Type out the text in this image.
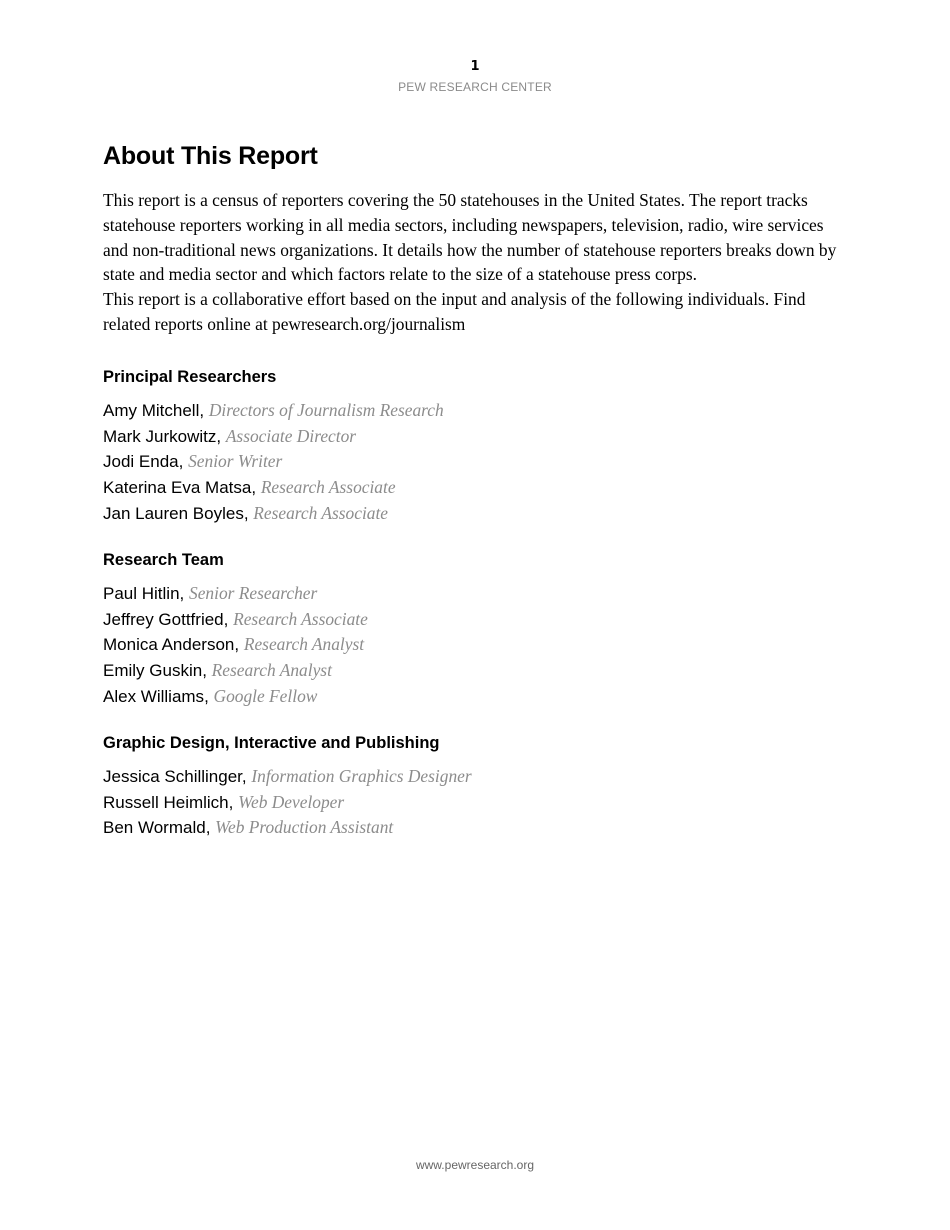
1
PEW RESEARCH CENTER
About This Report

This report is a census of reporters covering the 50 statehouses in the United States. The report tracks statehouse reporters working in all media sectors, including newspapers, television, radio, wire services and non-traditional news organizations. It details how the number of statehouse reporters breaks down by state and media sector and which factors relate to the size of a statehouse press corps.

This report is a collaborative effort based on the input and analysis of the following individuals. Find related reports online at pewresearch.org/journalism

Principal Researchers
Amy Mitchell, Directors of Journalism Research
Mark Jurkowitz, Associate Director
Jodi Enda, Senior Writer
Katerina Eva Matsa, Research Associate
Jan Lauren Boyles, Research Associate
Research Team
Paul Hitlin, Senior Researcher
Jeffrey Gottfried, Research Associate
Monica Anderson, Research Analyst
Emily Guskin, Research Analyst
Alex Williams, Google Fellow
Graphic Design, Interactive and Publishing
Jessica Schillinger, Information Graphics Designer
Russell Heimlich, Web Developer
Ben Wormald, Web Production Assistant
www.pewresearch.org
